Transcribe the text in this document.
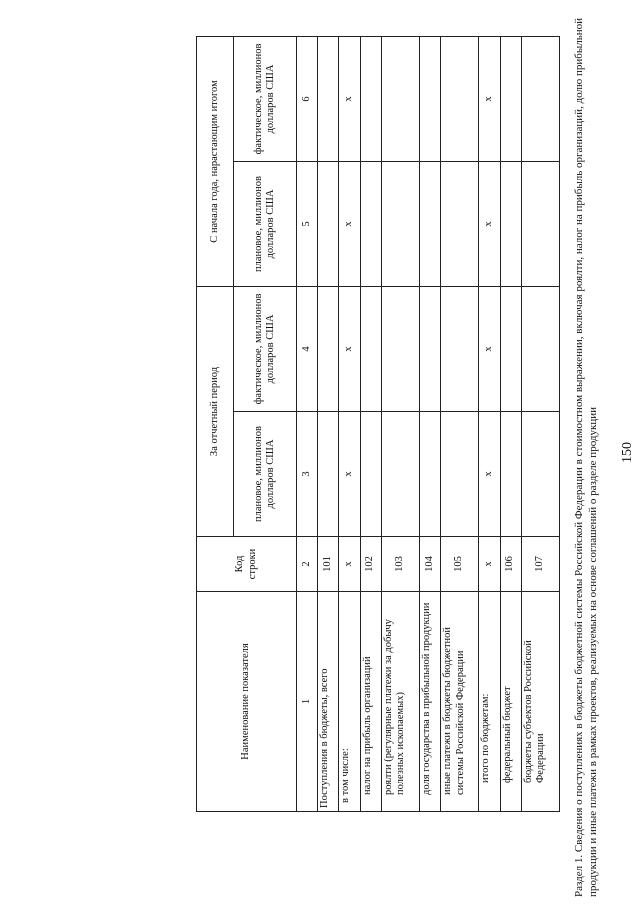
150
Раздел 1. Сведения о поступлениях в бюджеты бюджетной системы Российской Федерации в стоимостном выражении, включая роялти, налог на прибыль организаций, долю прибыльной продукции и иные платежи в рамках проектов, реализуемых на основе соглашений о разделе продукции
Наименование показателя	Код строки	За отчетный период		С начала года, нарастающим итогом	
		плановое, миллионов долларов США	фактическое, миллионов долларов США	плановое, миллионов долларов США	фактическое, миллионов долларов США
1	2	3	4	5	6
Поступления в бюджеты, всего	101				
в том числе:	x	x	x	x	x
налог на прибыль организаций	102				
роялти (регулярные платежи за добычу полезных ископаемых)	103				
доля государства в прибыльной продукции	104				
иные платежи в бюджеты бюджетной системы Российской Федерации	105				
итого по бюджетам:	x	x	x	x	x
федеральный бюджет	106				
бюджеты субъектов Российской Федерации	107				
